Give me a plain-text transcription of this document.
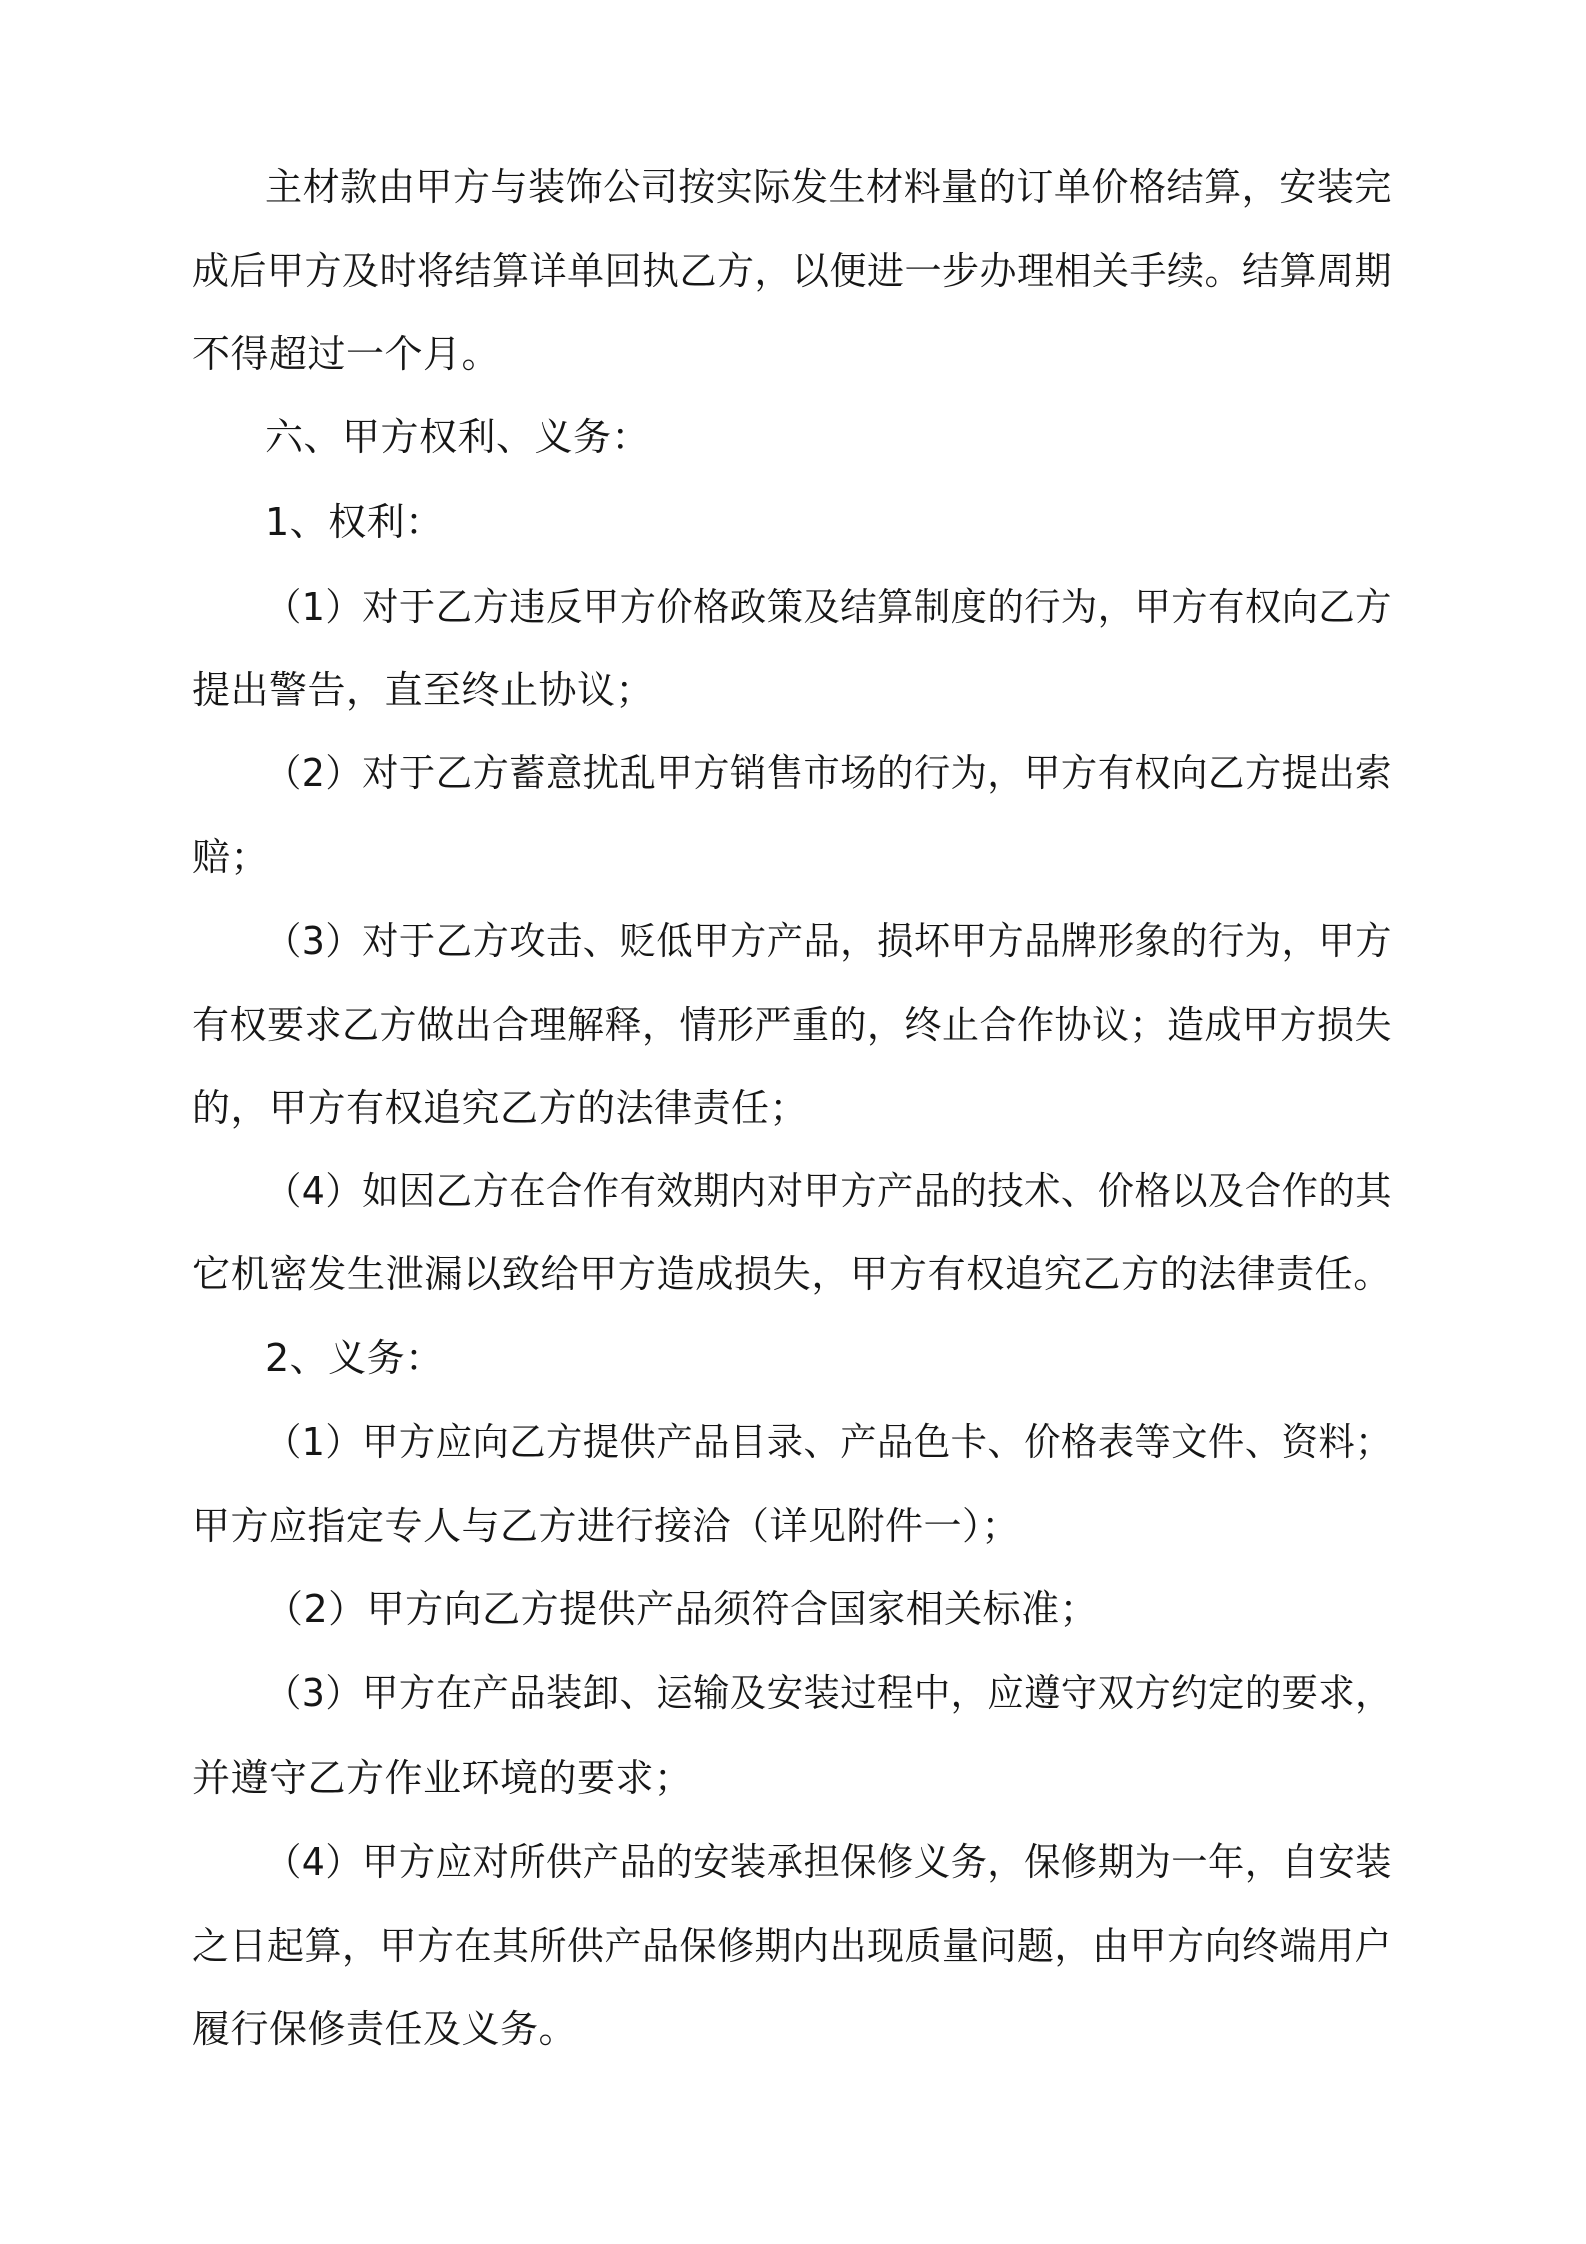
主材款由甲方与装饰公司按实际发生材料量的订单价格结算，安装完
成后甲方及时将结算详单回执乙方，以便进一步办理相关手续。结算周期
不得超过一个月。
六、甲方权利、义务：
1、权利：
（1）对于乙方违反甲方价格政策及结算制度的行为，甲方有权向乙方
提出警告，直至终止协议；
（2）对于乙方蓄意扰乱甲方销售市场的行为，甲方有权向乙方提出索
赔；
（3）对于乙方攻击、贬低甲方产品，损坏甲方品牌形象的行为，甲方
有权要求乙方做出合理解释，情形严重的，终止合作协议；造成甲方损失
的，甲方有权追究乙方的法律责任；
（4）如因乙方在合作有效期内对甲方产品的技术、价格以及合作的其
它机密发生泄漏以致给甲方造成损失，甲方有权追究乙方的法律责任。
2、义务：
（1）甲方应向乙方提供产品目录、产品色卡、价格表等文件、资料；
甲方应指定专人与乙方进行接洽（详见附件一）；
（2）甲方向乙方提供产品须符合国家相关标准；
（3）甲方在产品装卸、运输及安装过程中，应遵守双方约定的要求，
并遵守乙方作业环境的要求；
（4）甲方应对所供产品的安装承担保修义务，保修期为一年，自安装
之日起算，甲方在其所供产品保修期内出现质量问题，由甲方向终端用户
履行保修责任及义务。
